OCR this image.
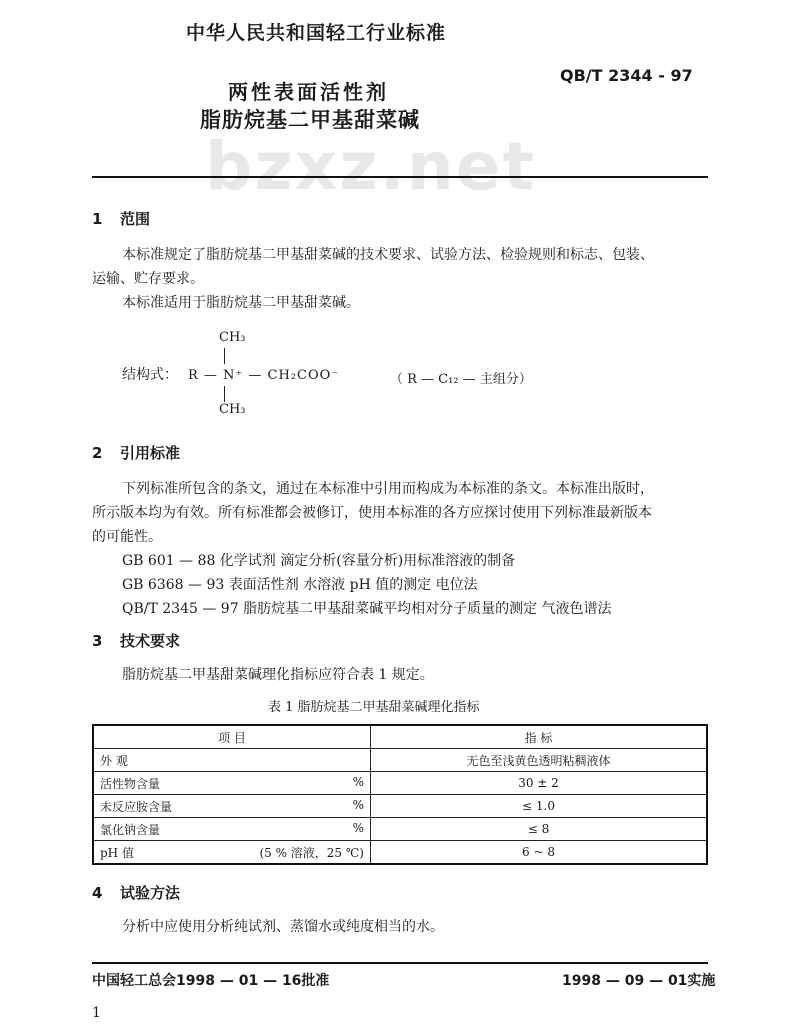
中华人民共和国轻工行业标准
QB/T 2344 - 97
两性表面活性剂
脂肪烷基二甲基甜菜碱
bzxz.net
1 范围
本标准规定了脂肪烷基二甲基甜菜碱的技术要求、试验方法、检验规则和标志、包装、
运输、贮存要求。
本标准适用于脂肪烷基二甲基甜菜碱。
CH₃
结构式： R — N⁺ — CH₂COO⁻	（ R — C₁₂ — 主组分）
CH₃
2 引用标准
下列标准所包含的条文，通过在本标准中引用而构成为本标准的条文。本标准出版时，
所示版本均为有效。所有标准都会被修订，使用本标准的各方应探讨使用下列标准最新版本
的可能性。
GB 601 — 88 化学试剂 滴定分析(容量分析)用标准溶液的制备
GB 6368 — 93 表面活性剂 水溶液 pH 值的测定 电位法
QB/T 2345 — 97 脂肪烷基二甲基甜菜碱平均相对分子质量的测定 气液色谱法
3 技术要求
脂肪烷基二甲基甜菜碱理化指标应符合表 1 规定。
表 1 脂肪烷基二甲基甜菜碱理化指标
项 目	指 标
外 观	无色至浅黄色透明粘稠液体
活性物含量 %	30 ± 2
未反应胺含量 %	≤ 1.0
氯化钠含量 %	≤ 8
pH 值 (5 % 溶液，25 ℃)	6 ~ 8
4 试验方法
分析中应使用分析纯试剂、蒸馏水或纯度相当的水。
中国轻工总会1998 — 01 — 16批准	1998 — 09 — 01实施
1
